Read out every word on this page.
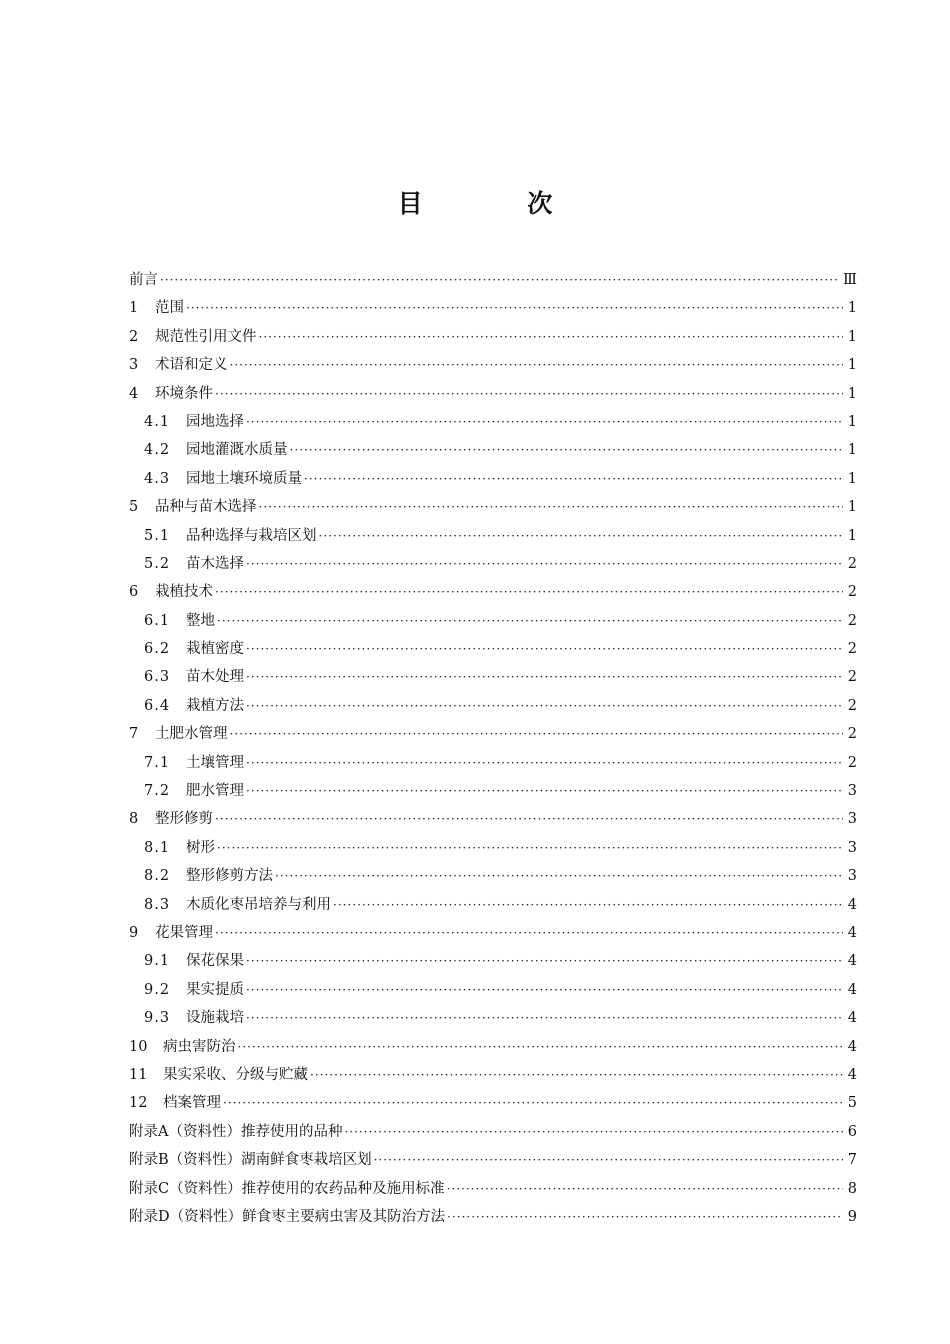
目 次
前言 ·····	Ⅲ
1	范围 ·····	1
2	规范性引用文件 ·····	1
3	术语和定义 ·····	1
4	环境条件 ·····	1
4.1	园地选择 ·····	1
4.2	园地灌溉水质量 ·····	1
4.3	园地土壤环境质量 ·····	1
5	品种与苗木选择 ·····	1
5.1	品种选择与栽培区划 ·····	1
5.2	苗木选择 ·····	2
6	栽植技术 ·····	2
6.1	整地 ·····	2
6.2	栽植密度 ·····	2
6.3	苗木处理 ·····	2
6.4	栽植方法 ·····	2
7	土肥水管理 ·····	2
7.1	土壤管理 ·····	2
7.2	肥水管理 ·····	3
8	整形修剪 ·····	3
8.1	树形 ·····	3
8.2	整形修剪方法 ·····	3
8.3	木质化枣吊培养与利用 ·····	4
9	花果管理 ·····	4
9.1	保花保果 ·····	4
9.2	果实提质 ·····	4
9.3	设施栽培 ·····	4
10	病虫害防治 ·····	4
11	果实采收、分级与贮藏 ·····	4
12	档案管理 ·····	5
附录A（资料性）推荐使用的品种 ·····	6
附录B（资料性）湖南鲜食枣栽培区划 ·····	7
附录C（资料性）推荐使用的农药品种及施用标准 ·····	8
附录D（资料性）鲜食枣主要病虫害及其防治方法 ·····	9
